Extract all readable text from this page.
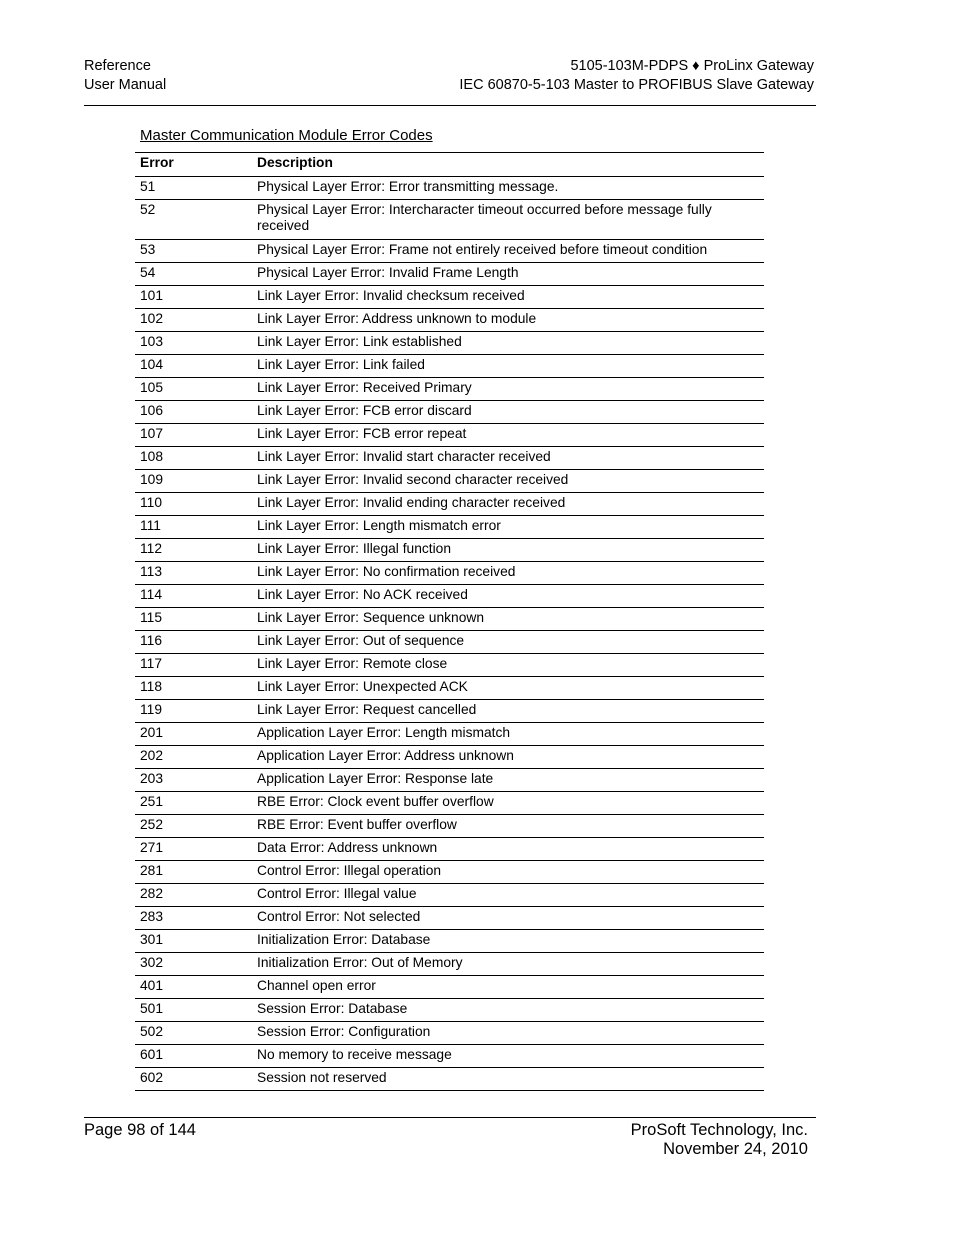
Reference
User Manual
5105-103M-PDPS ♦ ProLinx Gateway
IEC 60870-5-103 Master to PROFIBUS Slave Gateway
Master Communication Module Error Codes
Error	Description
51	Physical Layer Error: Error transmitting message.
52	Physical Layer Error: Intercharacter timeout occurred before message fully received
53	Physical Layer Error: Frame not entirely received before timeout condition
54	Physical Layer Error: Invalid Frame Length
101	Link Layer Error: Invalid checksum received
102	Link Layer Error: Address unknown to module
103	Link Layer Error: Link established
104	Link Layer Error: Link failed
105	Link Layer Error: Received Primary
106	Link Layer Error: FCB error discard
107	Link Layer Error: FCB error repeat
108	Link Layer Error: Invalid start character received
109	Link Layer Error: Invalid second character received
110	Link Layer Error: Invalid ending character received
111	Link Layer Error: Length mismatch error
112	Link Layer Error: Illegal function
113	Link Layer Error: No confirmation received
114	Link Layer Error: No ACK received
115	Link Layer Error: Sequence unknown
116	Link Layer Error: Out of sequence
117	Link Layer Error: Remote close
118	Link Layer Error: Unexpected ACK
119	Link Layer Error: Request cancelled
201	Application Layer Error: Length mismatch
202	Application Layer Error: Address unknown
203	Application Layer Error: Response late
251	RBE Error: Clock event buffer overflow
252	RBE Error: Event buffer overflow
271	Data Error: Address unknown
281	Control Error: Illegal operation
282	Control Error: Illegal value
283	Control Error: Not selected
301	Initialization Error: Database
302	Initialization Error: Out of Memory
401	Channel open error
501	Session Error: Database
502	Session Error: Configuration
601	No memory to receive message
602	Session not reserved
Page 98 of 144	ProSoft Technology, Inc.
November 24, 2010
